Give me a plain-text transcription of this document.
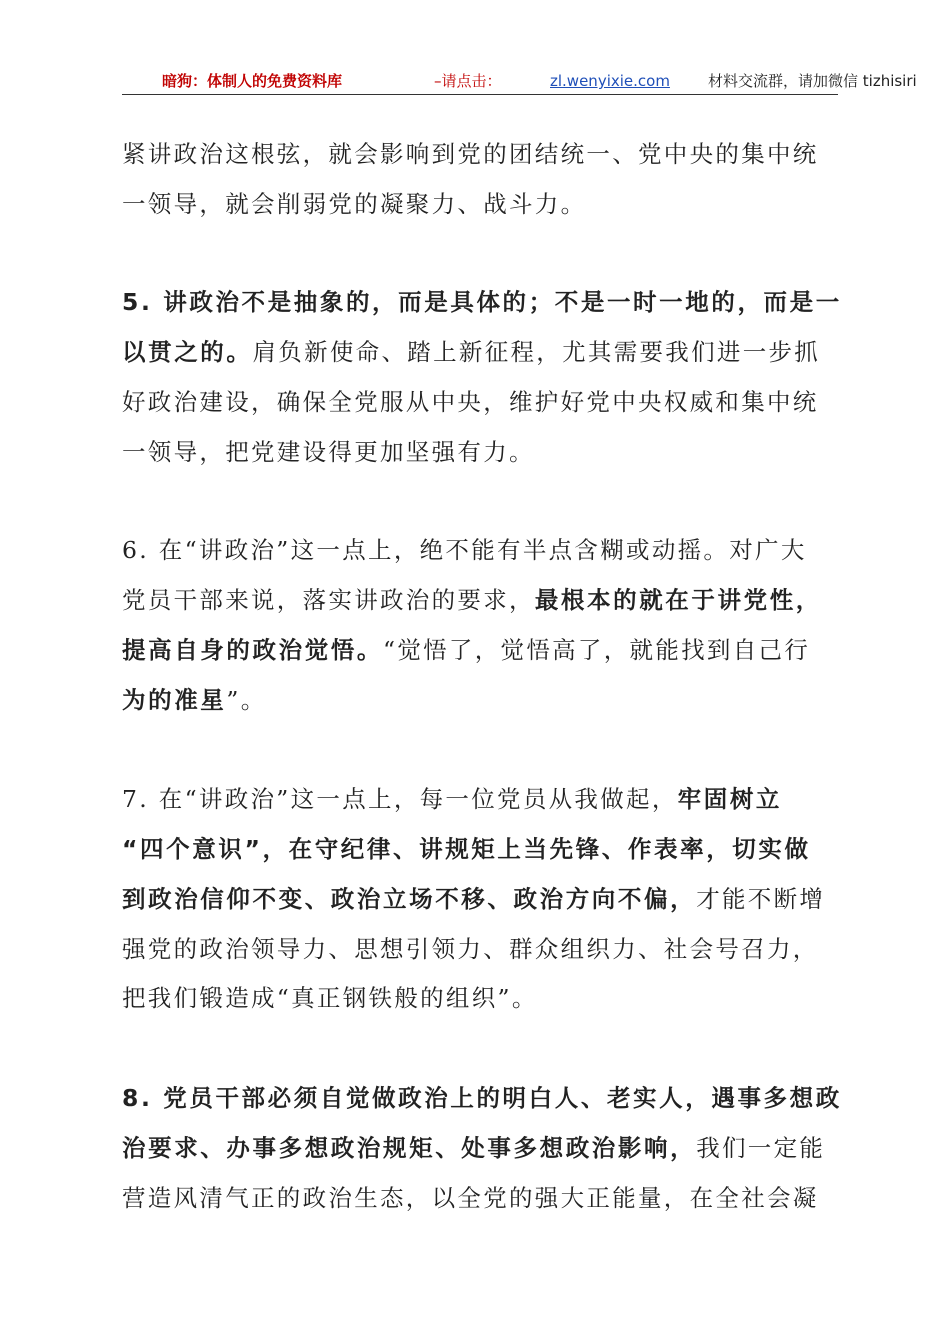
暗狗：体制人的免费资料库	–请点击：	zl.wenyixie.com	材料交流群，请加微信 tizhisiri
紧讲政治这根弦，就会影响到党的团结统一、党中央的集中统
一领导，就会削弱党的凝聚力、战斗力。
5. 讲政治不是抽象的，而是具体的；不是一时一地的，而是一
以贯之的。肩负新使命、踏上新征程，尤其需要我们进一步抓
好政治建设，确保全党服从中央，维护好党中央权威和集中统
一领导，把党建设得更加坚强有力。
6. 在“讲政治”这一点上，绝不能有半点含糊或动摇。对广大
党员干部来说，落实讲政治的要求，最根本的就在于讲党性，
提高自身的政治觉悟。“觉悟了，觉悟高了，就能找到自己行
为的准星”。
7. 在“讲政治”这一点上，每一位党员从我做起，牢固树立
“四个意识”，在守纪律、讲规矩上当先锋、作表率，切实做
到政治信仰不变、政治立场不移、政治方向不偏，才能不断增
强党的政治领导力、思想引领力、群众组织力、社会号召力，
把我们锻造成“真正钢铁般的组织”。
8. 党员干部必须自觉做政治上的明白人、老实人，遇事多想政
治要求、办事多想政治规矩、处事多想政治影响，我们一定能
营造风清气正的政治生态，以全党的强大正能量，在全社会凝
